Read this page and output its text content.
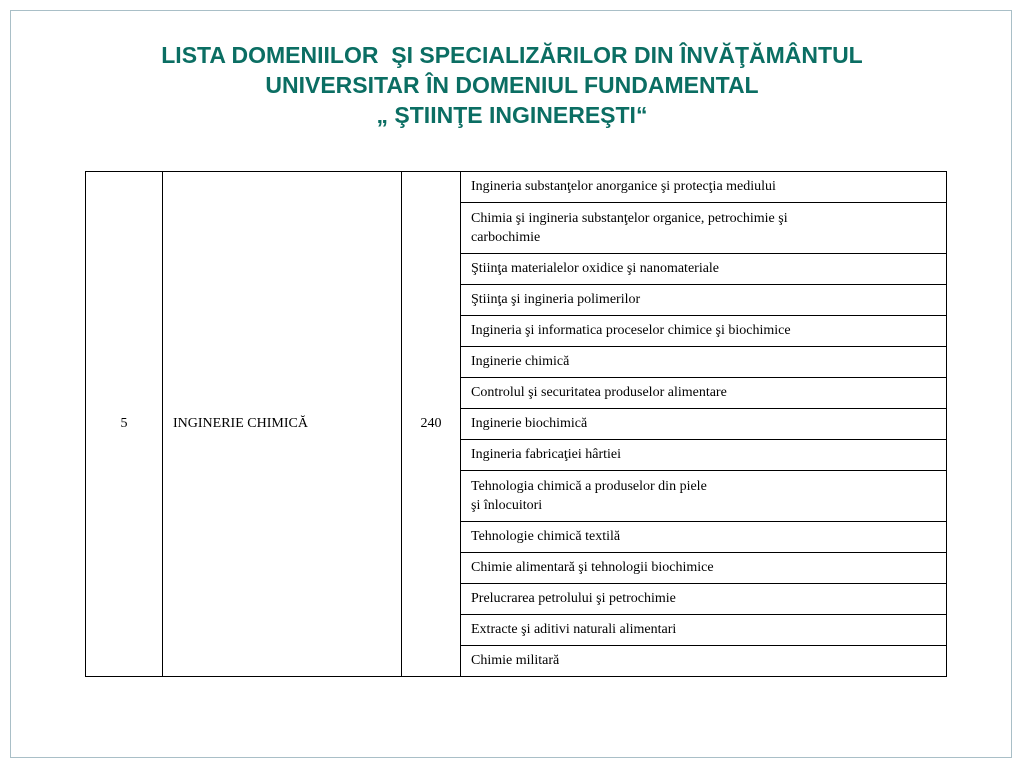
LISTA DOMENIILOR  ŞI SPECIALIZĂRILOR DIN ÎNVĂŢĂMÂNTUL
UNIVERSITAR ÎN DOMENIUL FUNDAMENTAL
„ ŞTIINŢE INGINEREŞTI“
5	INGINERIE CHIMICĂ	240	Ingineria substanţelor anorganice şi protecţia mediului
Chimia şi ingineria substanţelor organice, petrochimie şi
carbochimie
Ştiinţa materialelor oxidice şi nanomateriale
Ştiinţa şi ingineria polimerilor
Ingineria şi informatica proceselor chimice şi biochimice
Inginerie chimică
Controlul şi securitatea produselor alimentare
Inginerie biochimică
Ingineria fabricaţiei hârtiei
Tehnologia chimică a produselor din piele
şi înlocuitori
Tehnologie chimică textilă
Chimie alimentară şi tehnologii biochimice
Prelucrarea petrolului şi petrochimie
Extracte şi aditivi naturali alimentari
Chimie militară
